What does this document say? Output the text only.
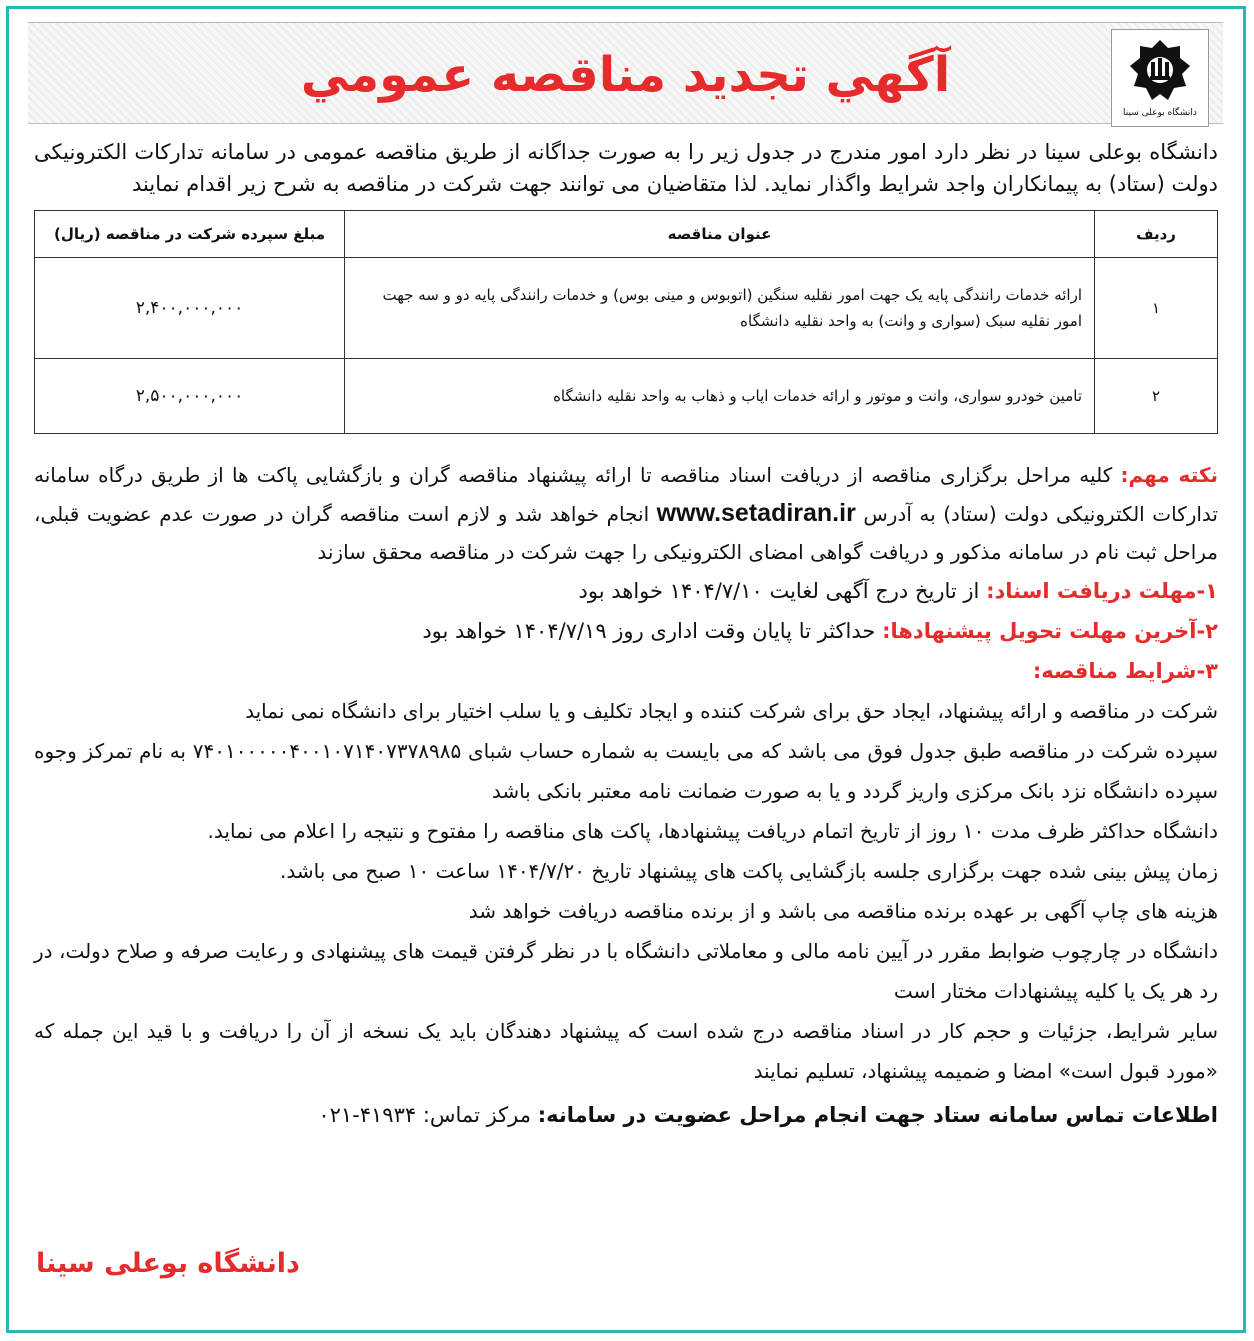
آگهي تجديد مناقصه عمومي
دانشگاه بوعلی سینا

دانشگاه بوعلی سینا در نظر دارد امور مندرج در جدول زیر را به صورت جداگانه از طریق مناقصه عمومی در سامانه تدارکات الکترونیکی دولت (ستاد) به پیمانکاران واجد شرایط واگذار نماید. لذا متقاضیان می توانند جهت شرکت در مناقصه به شرح زیر اقدام نمایند

ردیف	عنوان مناقصه	مبلغ سپرده شرکت در مناقصه (ریال)
۱	ارائه خدمات رانندگی پایه یک جهت امور نقلیه سنگین (اتوبوس و مینی بوس) و خدمات رانندگی پایه دو و سه جهت امور نقلیه سبک (سواری و وانت) به واحد نقلیه دانشگاه	۲,۴۰۰,۰۰۰,۰۰۰
۲	تامین خودرو سواری، وانت و موتور و ارائه خدمات ایاب و ذهاب به واحد نقلیه دانشگاه	۲,۵۰۰,۰۰۰,۰۰۰

نکته مهم: کلیه مراحل برگزاری مناقصه از دریافت اسناد مناقصه تا ارائه پیشنهاد مناقصه گران و بازگشایی پاکت ها از طریق درگاه سامانه تدارکات الکترونیکی دولت (ستاد) به آدرس www.setadiran.ir انجام خواهد شد و لازم است مناقصه گران در صورت عدم عضویت قبلی، مراحل ثبت نام در سامانه مذکور و دریافت گواهی امضای الکترونیکی را جهت شرکت در مناقصه محقق سازند

۱-مهلت دریافت اسناد: از تاریخ درج آگهی لغایت ۱۴۰۴/۷/۱۰ خواهد بود

۲-آخرین مهلت تحویل پیشنهادها: حداکثر تا پایان وقت اداری روز ۱۴۰۴/۷/۱۹ خواهد بود

۳-شرایط مناقصه:

شرکت در مناقصه و ارائه پیشنهاد، ایجاد حق برای شرکت کننده و ایجاد تکلیف و یا سلب اختیار برای دانشگاه نمی نماید

سپرده شرکت در مناقصه طبق جدول فوق می باشد که می بایست به شماره حساب شبای ۷۴۰۱۰۰۰۰۰۴۰۰۱۰۷۱۴۰۷۳۷۸۹۸۵ به نام تمرکز وجوه سپرده دانشگاه نزد بانک مرکزی واریز گردد و یا به صورت ضمانت نامه معتبر بانکی باشد

دانشگاه حداکثر ظرف مدت ۱۰ روز از تاریخ اتمام دریافت پیشنهادها، پاکت های مناقصه را مفتوح و نتیجه را اعلام می نماید.

زمان پیش بینی شده جهت برگزاری جلسه بازگشایی پاکت های پیشنهاد تاریخ ۱۴۰۴/۷/۲۰ ساعت ۱۰ صبح می باشد.

هزینه های چاپ آگهی بر عهده برنده مناقصه می باشد و از برنده مناقصه دریافت خواهد شد

دانشگاه در چارچوب ضوابط مقرر در آیین نامه مالی و معاملاتی دانشگاه با در نظر گرفتن قیمت های پیشنهادی و رعایت صرفه و صلاح دولت، در رد هر یک یا کلیه پیشنهادات مختار است

سایر شرایط، جزئیات و حجم کار در اسناد مناقصه درج شده است که پیشنهاد دهندگان باید یک نسخه از آن را دریافت و با قید این جمله که «مورد قبول است» امضا و ضمیمه پیشنهاد، تسلیم نمایند

اطلاعات تماس سامانه ستاد جهت انجام مراحل عضویت در سامانه: مرکز تماس: ۴۱۹۳۴-۰۲۱

دانشگاه بوعلی سینا
